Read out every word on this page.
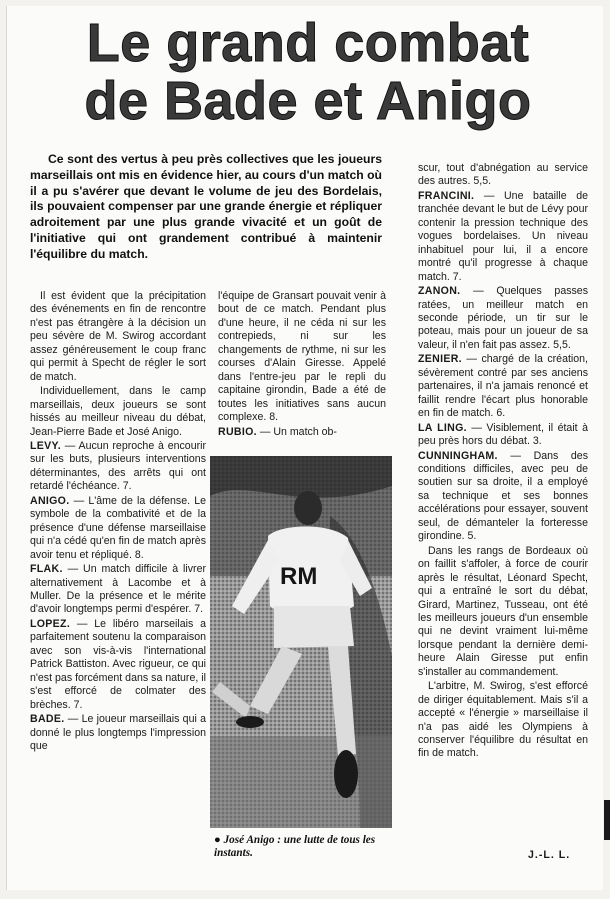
Le grand combat
de Bade et Anigo

Ce sont des vertus à peu près collectives que les joueurs marseillais ont mis en évidence hier, au cours d'un match où il a pu s'avérer que devant le volume de jeu des Bordelais, ils pouvaient compenser par une grande énergie et répliquer adroitement par une plus grande vivacité et un goût de l'initiative qui ont grandement contribué à maintenir l'équilibre du match.

Il est évident que la précipitation des événements en fin de rencontre n'est pas étrangère à la décision un peu sévère de M. Swirog accordant assez généreusement le coup franc qui permit à Specht de régler le sort de match.

Individuellement, dans le camp marseillais, deux joueurs se sont hissés au meilleur niveau du débat, Jean-Pierre Bade et José Anigo.

LEVY. — Aucun reproche à encourir sur les buts, plusieurs interventions déterminantes, des arrêts qui ont retardé l'échéance. 7.

ANIGO. — L'âme de la défense. Le symbole de la combativité et de la présence d'une défense marseillaise qui n'a cédé qu'en fin de match après avoir tenu et répliqué. 8.

FLAK. — Un match difficile à livrer alternativement à Lacombe et à Muller. De la présence et le mérite d'avoir longtemps permi d'espérer. 7.

LOPEZ. — Le libéro marseilais a parfaitement soutenu la comparaison avec son vis-à-vis l'international Patrick Battiston. Avec rigueur, ce qui n'est pas forcément dans sa nature, il s'est efforcé de colmater des brèches. 7.

BADE. — Le joueur marseillais qui a donné le plus longtemps l'impression que

l'équipe de Gransart pouvait venir à bout de ce match. Pendant plus d'une heure, il ne céda ni sur les contrepieds, ni sur les changements de rythme, ni sur les courses d'Alain Giresse. Appelé dans l'entre-jeu par le repli du capitaine girondin, Bade a été de toutes les initiatives sans aucun complexe. 8.

RUBIO. — Un match ob-

RM

● José Anigo : une lutte de tous les instants.

scur, tout d'abnégation au service des autres. 5,5.

FRANCINI. — Une bataille de tranchée devant le but de Lévy pour contenir la pression technique des vogues bordelaises. Un niveau inhabituel pour lui, il a encore montré qu'il progresse à chaque match. 7.

ZANON. — Quelques passes ratées, un meilleur match en seconde période, un tir sur le poteau, mais pour un joueur de sa valeur, il n'en fait pas assez. 5,5.

ZENIER. — chargé de la création, sévèrement contré par ses anciens partenaires, il n'a jamais renoncé et faillit rendre l'écart plus honorable en fin de match. 6.

LA LING. — Visiblement, il était à peu près hors du débat. 3.

CUNNINGHAM. — Dans des conditions difficiles, avec peu de soutien sur sa droite, il a employé sa technique et ses bonnes accélérations pour essayer, souvent seul, de démanteler la forteresse girondine. 5.

Dans les rangs de Bordeaux où on faillit s'affoler, à force de courir après le résultat, Léonard Specht, qui a entraîné le sort du débat, Girard, Martinez, Tusseau, ont été les meilleurs joueurs d'un ensemble qui ne devint vraiment lui-même lorsque pendant la dernière demi-heure Alain Giresse put enfin s'installer au commandement.

L'arbitre, M. Swirog, s'est efforcé de diriger équitablement. Mais s'il a accepté « l'énergie » marseillaise il n'a pas aidé les Olympiens à conserver l'équilibre du résultat en fin de match.

J.-L. L.
